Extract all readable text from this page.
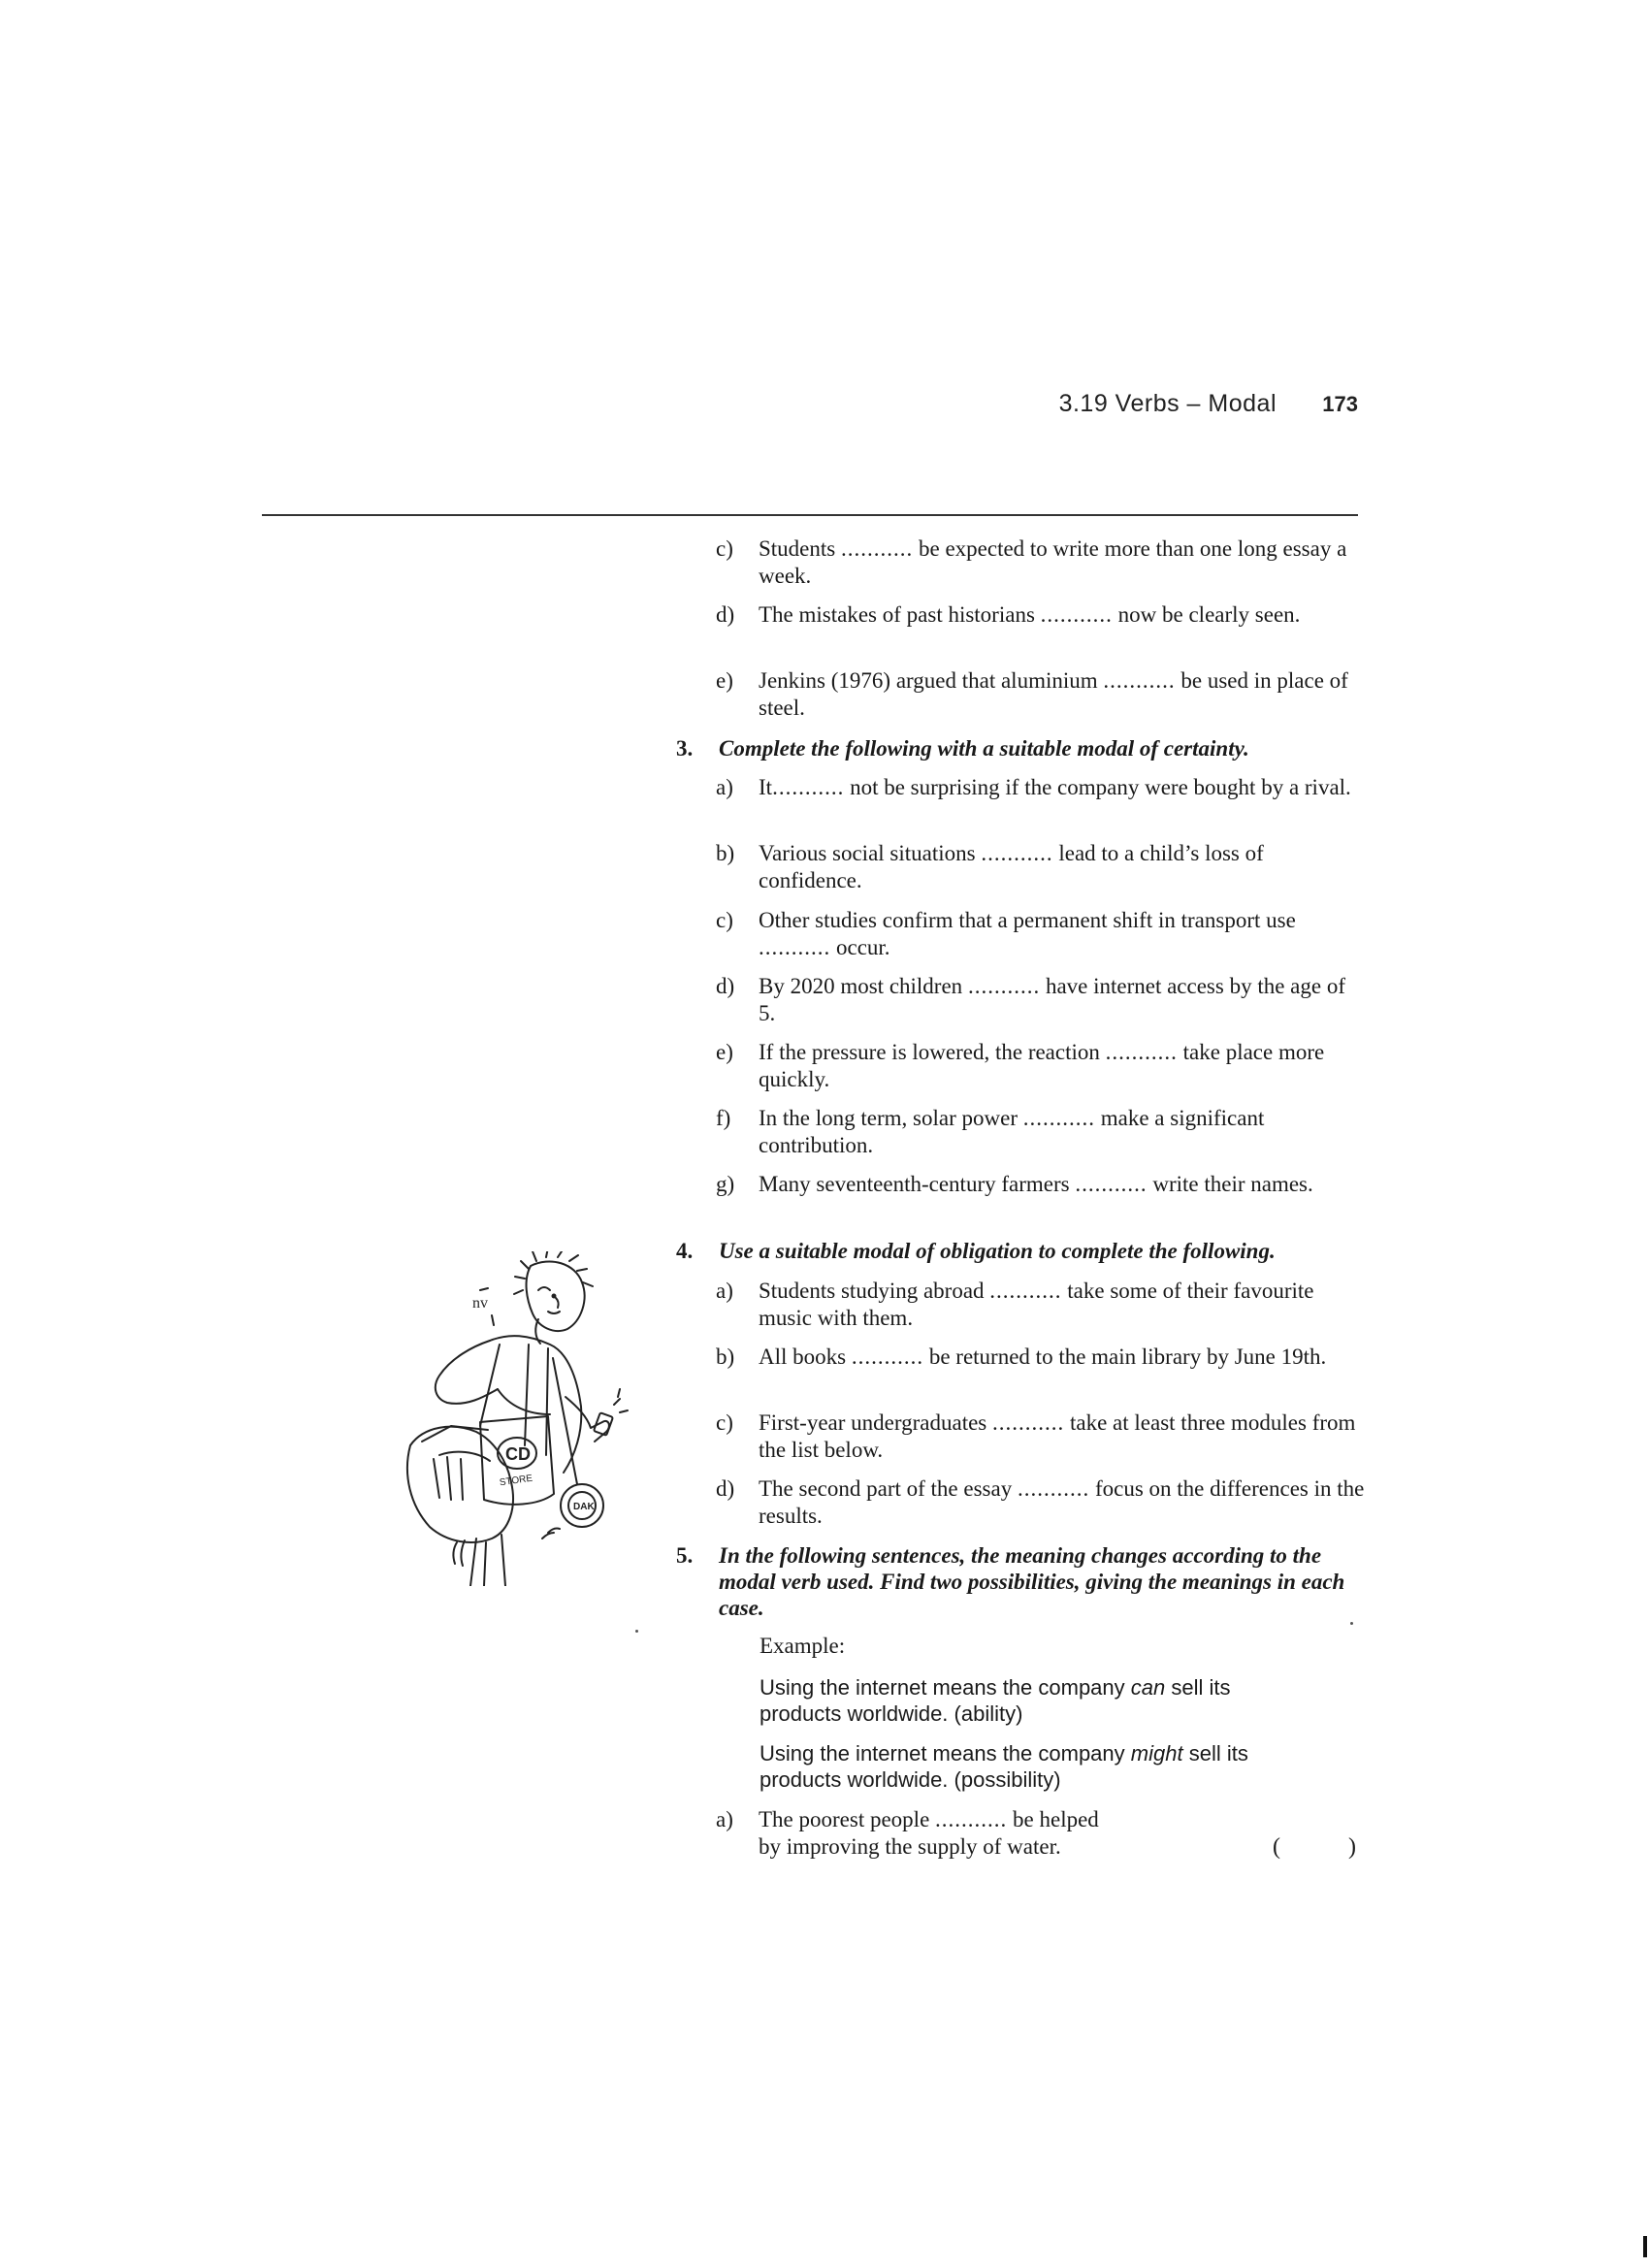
3.19 Verbs – Modal 173
c)	Students ........... be expected to write more than one long essay a week.
d)	The mistakes of past historians ........... now be clearly seen.
e)	Jenkins (1976) argued that aluminium ........... be used in place of steel.
3. Complete the following with a suitable modal of certainty.
a)	It........... not be surprising if the company were bought by a rival.
b)	Various social situations ........... lead to a child’s loss of confidence.
c)	Other studies confirm that a permanent shift in transport use ........... occur.
d)	By 2020 most children ........... have internet access by the age of 5.
e)	If the pressure is lowered, the reaction ........... take place more quickly.
f)	In the long term, solar power ........... make a significant contribution.
g)	Many seventeenth-century farmers ........... write their names.
4. Use a suitable modal of obligation to complete the following.
a)	Students studying abroad ........... take some of their favourite music with them.
b)	All books ........... be returned to the main library by June 19th.
c)	First-year undergraduates ........... take at least three modules from the list below.
d)	The second part of the essay ........... focus on the differences in the results.
5. In the following sentences, the meaning changes according to the modal verb used. Find two possibilities, giving the meanings in each case.
Example:
Using the internet means the company can sell its products worldwide. (ability)
Using the internet means the company might sell its products worldwide. (possibility)
a)	The poorest people ........... be helped
by improving the supply of water.	(	)
CD
STORE
DAK
nv
